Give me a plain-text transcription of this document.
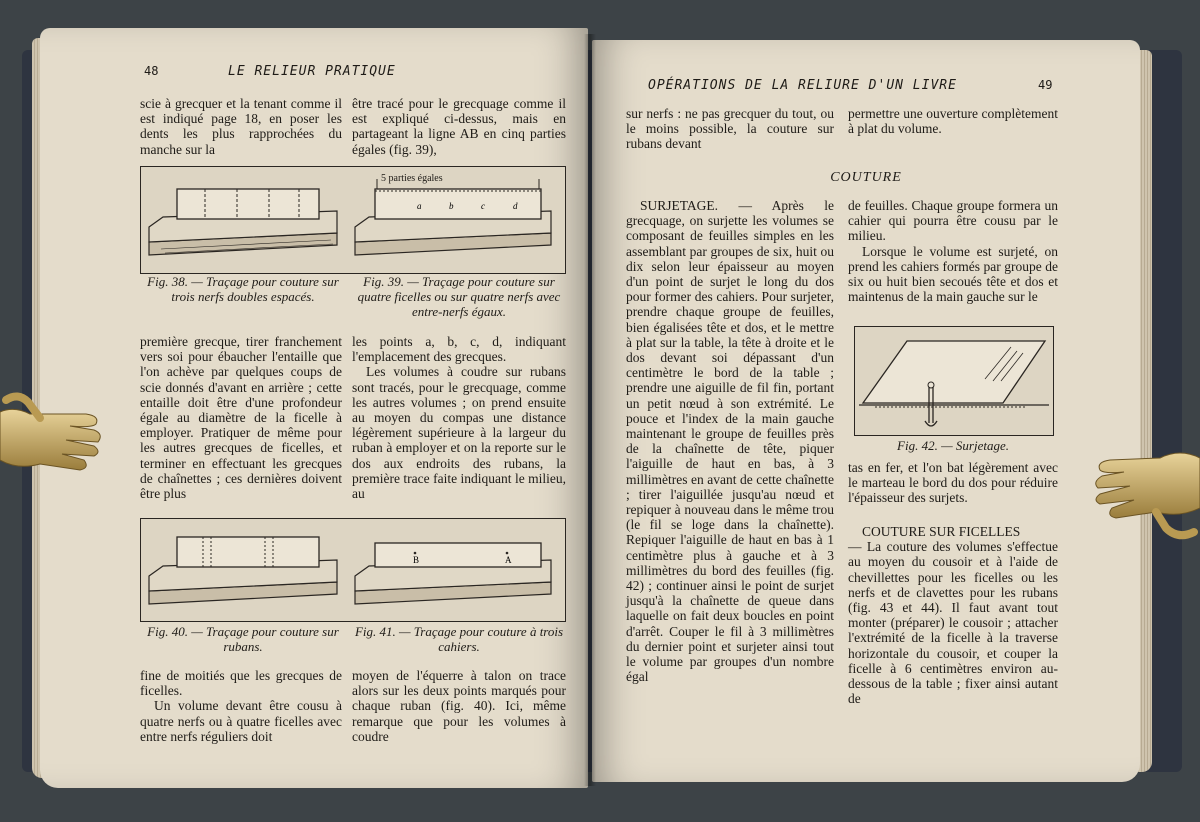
48	LE RELIEUR PRATIQUE

scie à grecquer et la tenant comme il est indiqué page 18, en poser les dents les plus rapprochées du manche sur la

être tracé pour le grecquage comme il est expliqué ci-dessus, mais en partageant la ligne AB en cinq parties égales (fig. 39),

5 parties égales
a	b	c	d
Fig. 38. — Traçage pour couture sur trois nerfs doubles espacés.
Fig. 39. — Traçage pour couture sur quatre ficelles ou sur quatre nerfs avec entre-nerfs égaux.

première grecque, tirer franchement vers soi pour ébaucher l'entaille que l'on achève par quelques coups de scie donnés d'avant en arrière ; cette entaille doit être d'une profondeur égale au diamètre de la ficelle à employer. Pratiquer de même pour les autres grecques de ficelles, et terminer en effectuant les grecques de chaînettes ; ces dernières doivent être plus

les points a, b, c, d, indiquant l'emplacement des grecques.

Les volumes à coudre sur rubans sont tracés, pour le grecquage, comme les autres volumes ; on prend ensuite au moyen du compas une distance légèrement supérieure à la largeur du ruban à employer et on la reporte sur le dos aux endroits des rubans, la première trace faite indiquant le milieu, au

B	A
Fig. 40. — Traçage pour couture sur rubans.
Fig. 41. — Traçage pour couture à trois cahiers.

fine de moitiés que les grecques de ficelles.

Un volume devant être cousu à quatre nerfs ou à quatre ficelles avec entre nerfs réguliers doit

moyen de l'équerre à talon on trace alors sur les deux points marqués pour chaque ruban (fig. 40). Ici, même remarque que pour les volumes à coudre

OPÉRATIONS DE LA RELIURE D'UN LIVRE	49

sur nerfs : ne pas grecquer du tout, ou le moins possible, la couture sur rubans devant

permettre une ouverture complètement à plat du volume.

COUTURE

SURJETAGE. — Après le grecquage, on surjette les volumes se composant de feuilles simples en les assemblant par groupes de six, huit ou dix selon leur épaisseur au moyen d'un point de surjet le long du dos pour former des cahiers. Pour surjeter, prendre chaque groupe de feuilles, bien égalisées tête et dos, et le mettre à plat sur la table, la tête à droite et le dos devant soi dépassant d'un centimètre le bord de la table ; prendre une aiguille de fil fin, portant un petit nœud à son extrémité. Le pouce et l'index de la main gauche maintenant le groupe de feuilles près de la chaînette de tête, piquer l'aiguille de haut en bas, à 3 millimètres en avant de cette chaînette ; tirer l'aiguillée jusqu'au nœud et repiquer à nouveau dans le même trou (le fil se loge dans la chaînette). Repiquer l'aiguille de haut en bas à 1 centimètre plus à gauche et à 3 millimètres du bord des feuilles (fig. 42) ; continuer ainsi le point de surjet jusqu'à la chaînette de queue dans laquelle on fait deux boucles en point d'arrêt. Couper le fil à 3 millimètres du dernier point et surjeter ainsi tout le volume par groupes d'un nombre égal

de feuilles. Chaque groupe formera un cahier qui pourra être cousu par le milieu.

Lorsque le volume est surjeté, on prend les cahiers formés par groupe de six ou huit bien secoués tête et dos et maintenus de la main gauche sur le

Fig. 42. — Surjetage.

tas en fer, et l'on bat légèrement avec le marteau le bord du dos pour réduire l'épaisseur des surjets.

COUTURE SUR FICELLES

— La couture des volumes s'effectue au moyen du cousoir et à l'aide de chevillettes pour les ficelles ou les nerfs et de clavettes pour les rubans (fig. 43 et 44). Il faut avant tout monter (préparer) le cousoir ; attacher l'extrémité de la ficelle à la traverse horizontale du cousoir, et couper la ficelle à 6 centimètres environ au-dessous de la table ; fixer ainsi autant de
